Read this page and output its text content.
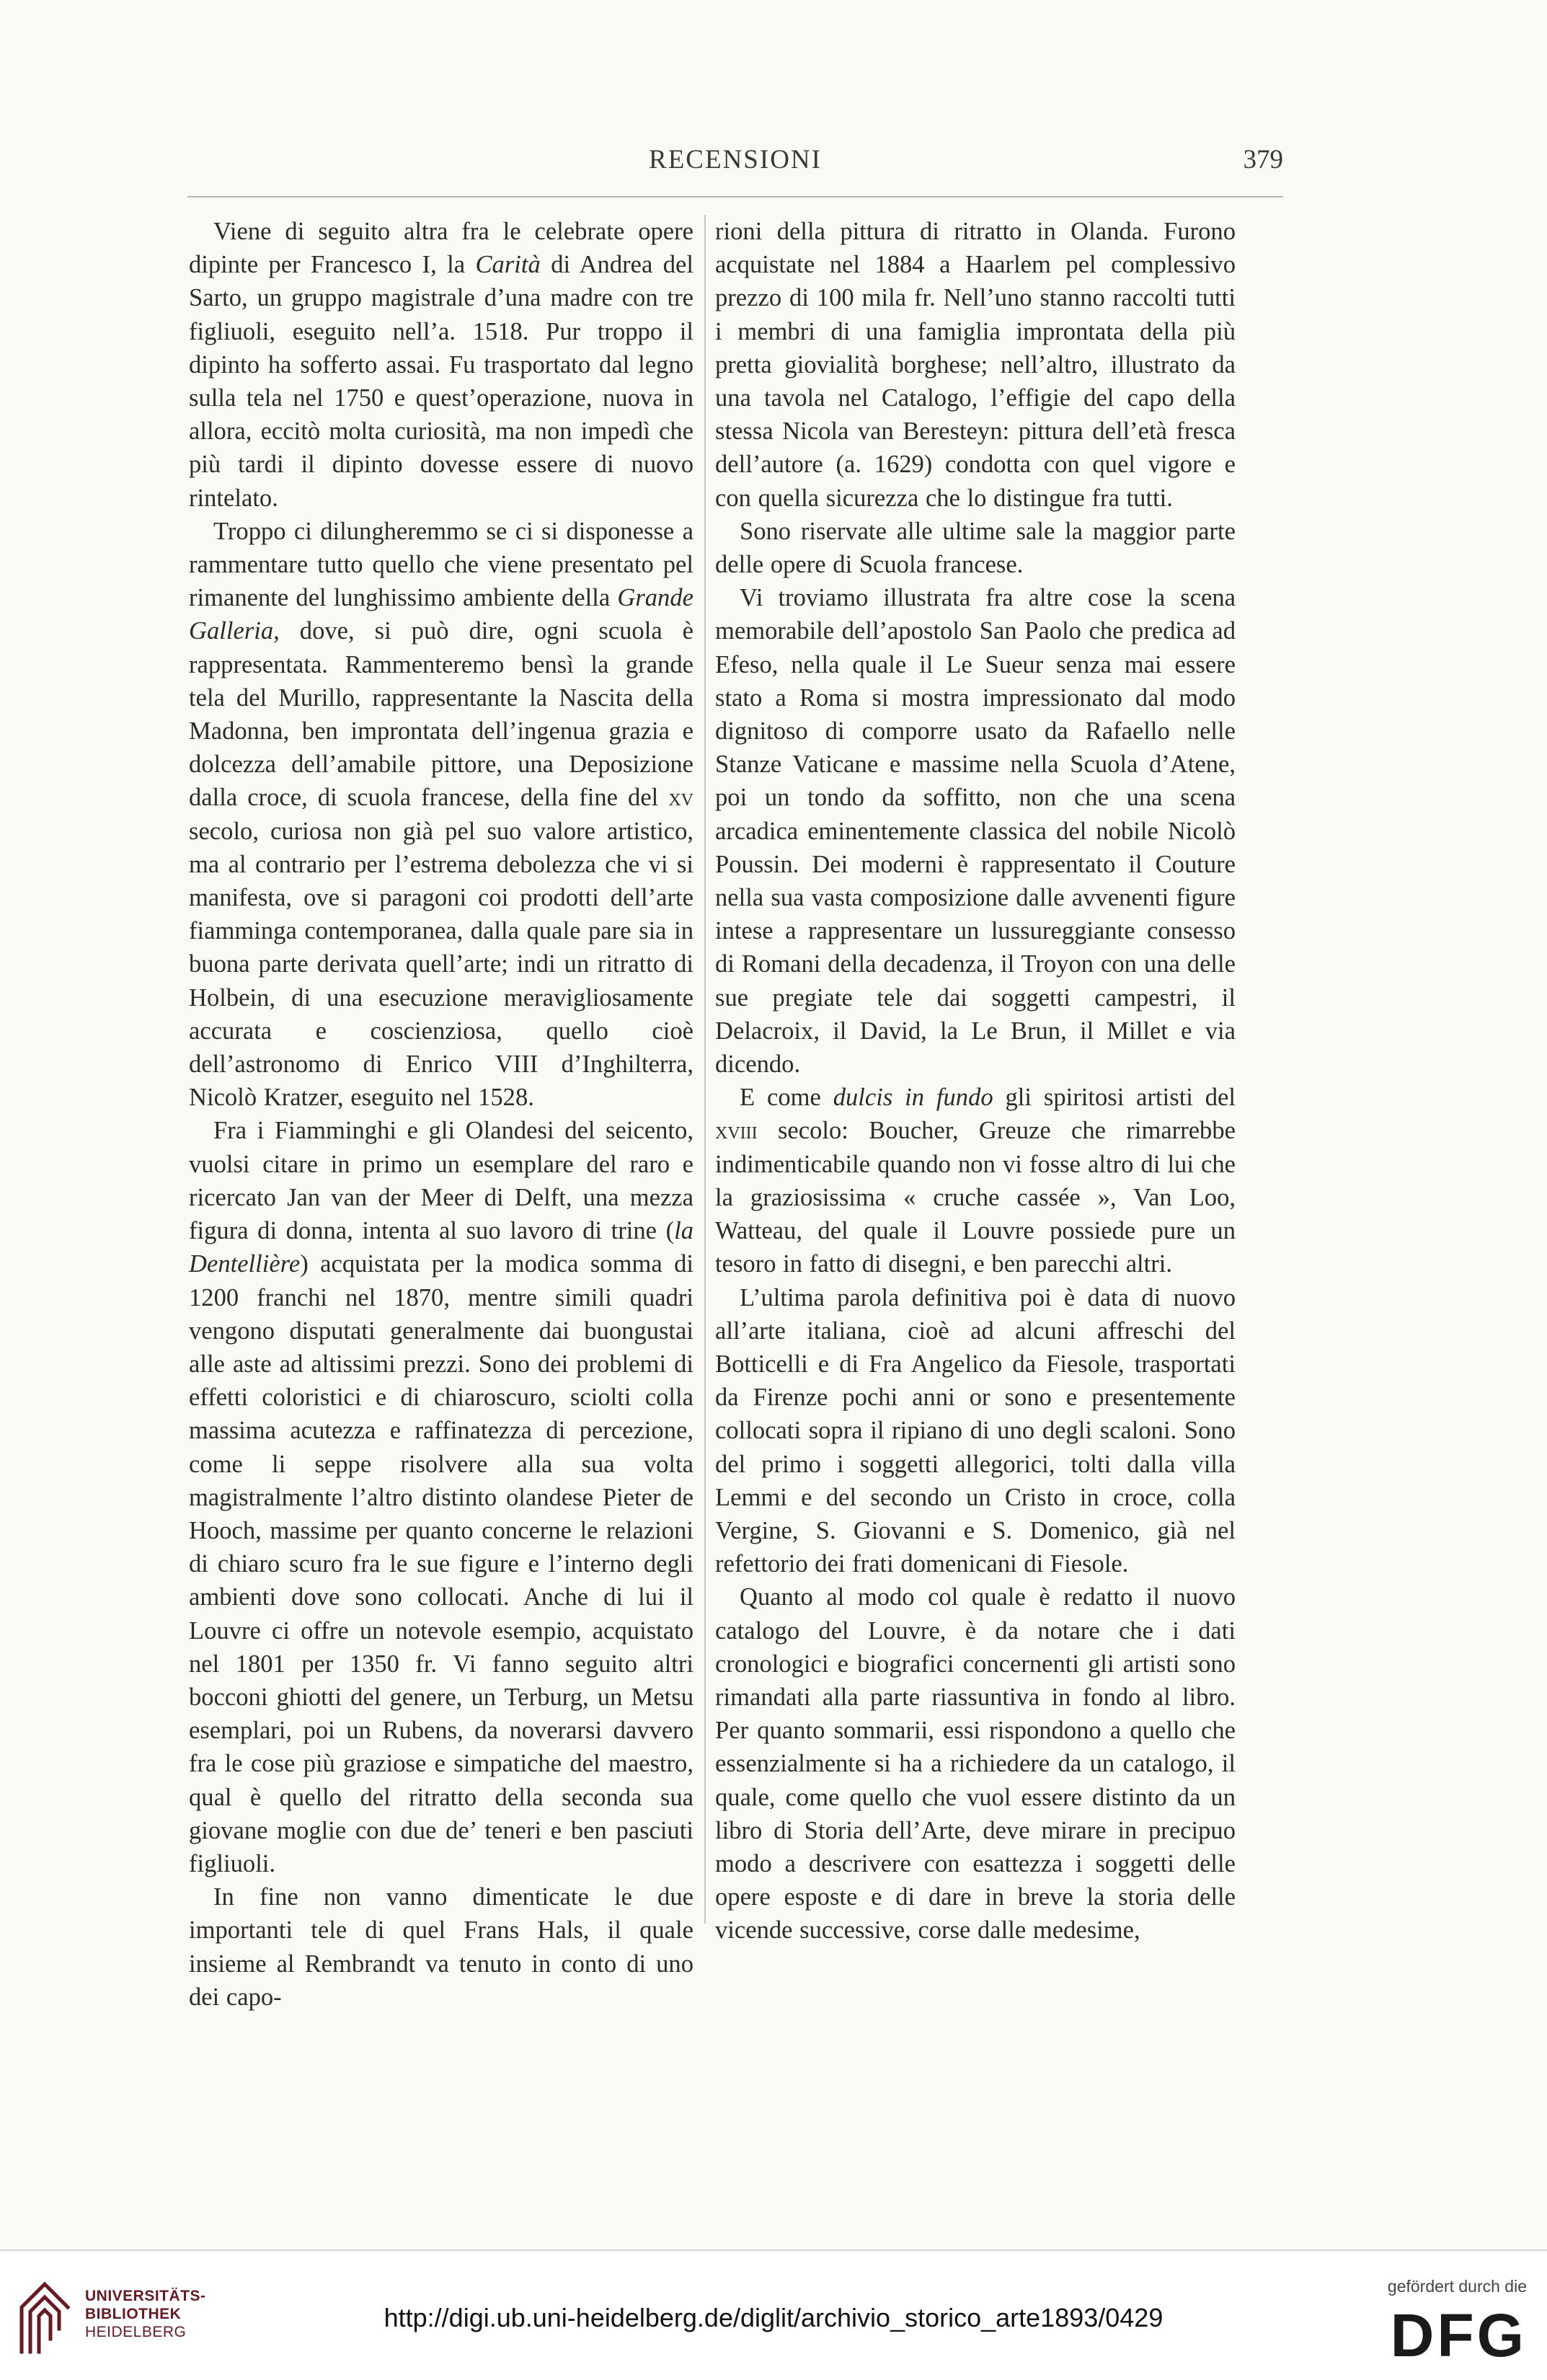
RECENSIONI	379

Viene di seguito altra fra le celebrate opere dipinte per Francesco I, la Carità di Andrea del Sarto, un gruppo magistrale d’una madre con tre figliuoli, eseguito nell’a. 1518. Pur troppo il dipinto ha sofferto assai. Fu trasportato dal legno sulla tela nel 1750 e quest’operazione, nuova in allora, eccitò molta curiosità, ma non impedì che più tardi il dipinto dovesse essere di nuovo rintelato.

Troppo ci dilungheremmo se ci si disponesse a rammentare tutto quello che viene presentato pel rimanente del lunghissimo ambiente della Grande Galleria, dove, si può dire, ogni scuola è rappresentata. Rammenteremo bensì la grande tela del Murillo, rappresentante la Nascita della Madonna, ben improntata dell’ingenua grazia e dolcezza dell’amabile pittore, una Deposizione dalla croce, di scuola francese, della fine del xv secolo, curiosa non già pel suo valore artistico, ma al contrario per l’estrema debolezza che vi si manifesta, ove si paragoni coi prodotti dell’arte fiamminga contemporanea, dalla quale pare sia in buona parte derivata quell’arte; indi un ritratto di Holbein, di una esecuzione meravigliosamente accurata e coscienziosa, quello cioè dell’astronomo di Enrico VIII d’Inghilterra, Nicolò Kratzer, eseguito nel 1528.

Fra i Fiamminghi e gli Olandesi del seicento, vuolsi citare in primo un esemplare del raro e ricercato Jan van der Meer di Delft, una mezza figura di donna, intenta al suo lavoro di trine (la Dentellière) acquistata per la modica somma di 1200 franchi nel 1870, mentre simili quadri vengono disputati generalmente dai buongustai alle aste ad altissimi prezzi. Sono dei problemi di effetti coloristici e di chiaroscuro, sciolti colla massima acutezza e raffinatezza di percezione, come li seppe risolvere alla sua volta magistralmente l’altro distinto olandese Pieter de Hooch, massime per quanto concerne le relazioni di chiaro scuro fra le sue figure e l’interno degli ambienti dove sono collocati. Anche di lui il Louvre ci offre un notevole esempio, acquistato nel 1801 per 1350 fr. Vi fanno seguito altri bocconi ghiotti del genere, un Terburg, un Metsu esemplari, poi un Rubens, da noverarsi davvero fra le cose più graziose e simpatiche del maestro, qual è quello del ritratto della seconda sua giovane moglie con due de’ teneri e ben pasciuti figliuoli.

In fine non vanno dimenticate le due importanti tele di quel Frans Hals, il quale insieme al Rembrandt va tenuto in conto di uno dei capo-

rioni della pittura di ritratto in Olanda. Furono acquistate nel 1884 a Haarlem pel complessivo prezzo di 100 mila fr. Nell’uno stanno raccolti tutti i membri di una famiglia improntata della più pretta giovialità borghese; nell’altro, illustrato da una tavola nel Catalogo, l’effigie del capo della stessa Nicola van Beresteyn: pittura dell’età fresca dell’autore (a. 1629) condotta con quel vigore e con quella sicurezza che lo distingue fra tutti.

Sono riservate alle ultime sale la maggior parte delle opere di Scuola francese.

Vi troviamo illustrata fra altre cose la scena memorabile dell’apostolo San Paolo che predica ad Efeso, nella quale il Le Sueur senza mai essere stato a Roma si mostra impressionato dal modo dignitoso di comporre usato da Rafaello nelle Stanze Vaticane e massime nella Scuola d’Atene, poi un tondo da soffitto, non che una scena arcadica eminentemente classica del nobile Nicolò Poussin. Dei moderni è rappresentato il Couture nella sua vasta composizione dalle avvenenti figure intese a rappresentare un lussureggiante consesso di Romani della decadenza, il Troyon con una delle sue pregiate tele dai soggetti campestri, il Delacroix, il David, la Le Brun, il Millet e via dicendo.

E come dulcis in fundo gli spiritosi artisti del xviii secolo: Boucher, Greuze che rimarrebbe indimenticabile quando non vi fosse altro di lui che la graziosissima « cruche cassée », Van Loo, Watteau, del quale il Louvre possiede pure un tesoro in fatto di disegni, e ben parecchi altri.

L’ultima parola definitiva poi è data di nuovo all’arte italiana, cioè ad alcuni affreschi del Botticelli e di Fra Angelico da Fiesole, trasportati da Firenze pochi anni or sono e presentemente collocati sopra il ripiano di uno degli scaloni. Sono del primo i soggetti allegorici, tolti dalla villa Lemmi e del secondo un Cristo in croce, colla Vergine, S. Giovanni e S. Domenico, già nel refettorio dei frati domenicani di Fiesole.

Quanto al modo col quale è redatto il nuovo catalogo del Louvre, è da notare che i dati cronologici e biografici concernenti gli artisti sono rimandati alla parte riassuntiva in fondo al libro. Per quanto sommarii, essi rispondono a quello che essenzialmente si ha a richiedere da un catalogo, il quale, come quello che vuol essere distinto da un libro di Storia dell’Arte, deve mirare in precipuo modo a descrivere con esattezza i soggetti delle opere esposte e di dare in breve la storia delle vicende successive, corse dalle medesime,

UNIVERSITÄTS-
BIBLIOTHEK
HEIDELBERG	http://digi.ub.uni-heidelberg.de/diglit/archivio_storico_arte1893/0429
gefördert durch die
DFG
